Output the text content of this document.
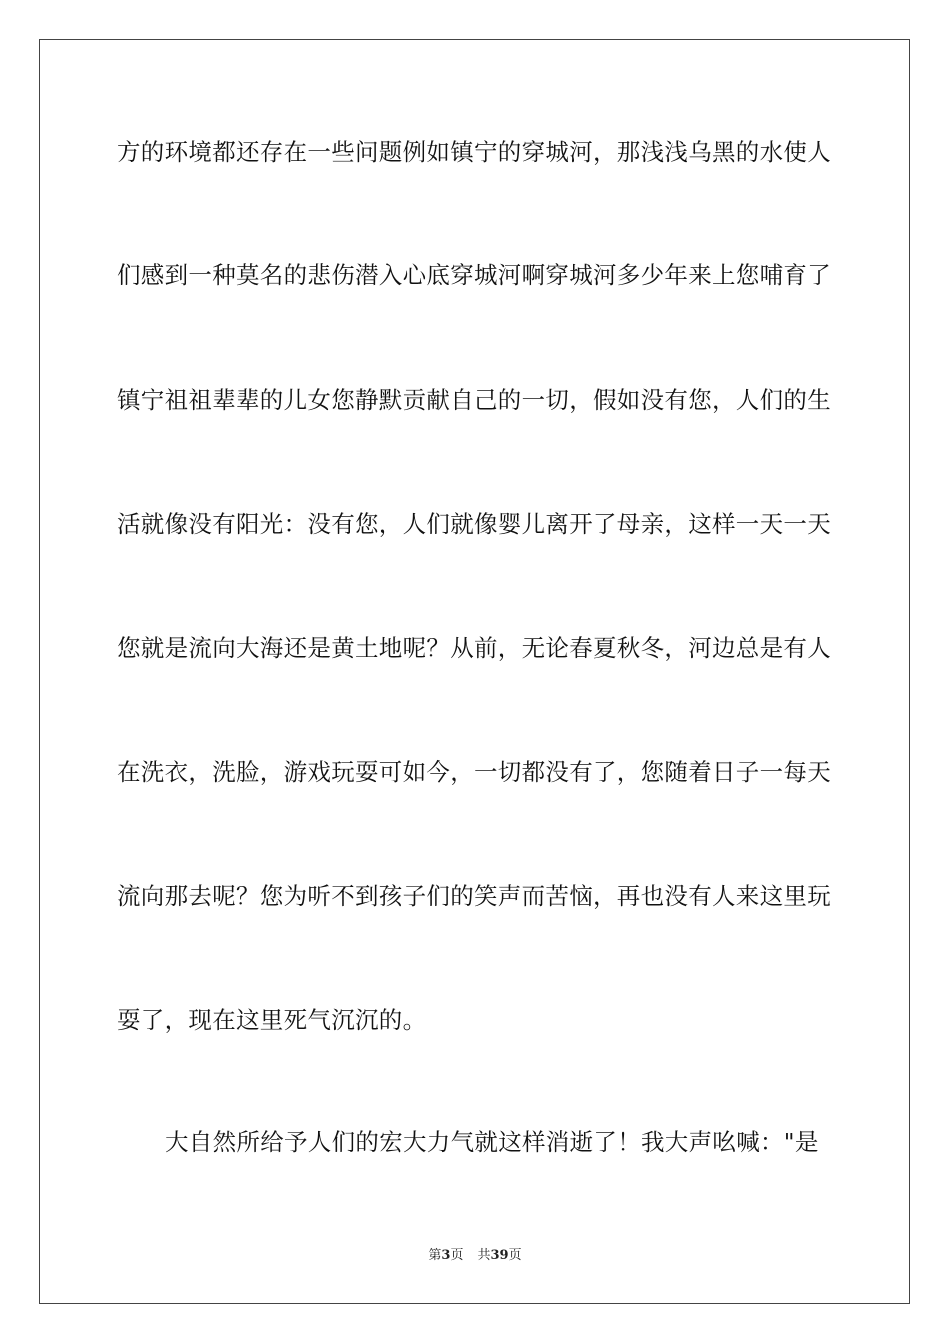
方的环境都还存在一些问题例如镇宁的穿城河，那浅浅乌黑的水使人
们感到一种莫名的悲伤潜入心底穿城河啊穿城河多少年来上您哺育了
镇宁祖祖辈辈的儿女您静默贡献自己的一切，假如没有您，人们的生
活就像没有阳光：没有您，人们就像婴儿离开了母亲，这样一天一天
您就是流向大海还是黄土地呢？从前，无论春夏秋冬，河边总是有人
在洗衣，洗脸，游戏玩耍可如今，一切都没有了，您随着日子一每天
流向那去呢？您为听不到孩子们的笑声而苦恼，再也没有人来这里玩
耍了，现在这里死气沉沉的。
大自然所给予人们的宏大力气就这样消逝了！我大声吆喊："是
第3页 共39页
